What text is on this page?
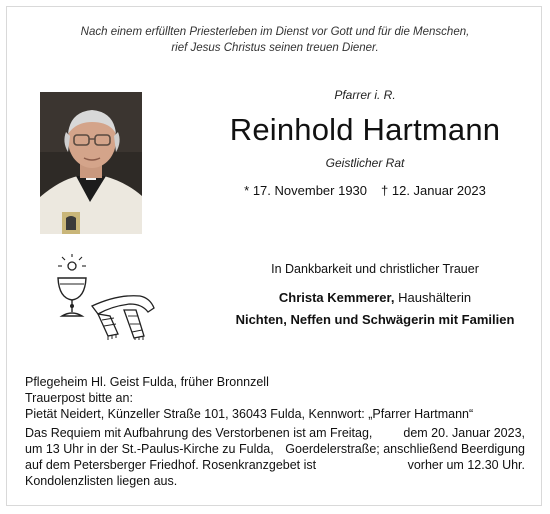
Nach einem erfüllten Priesterleben im Dienst vor Gott und für die Menschen,
rief Jesus Christus seinen treuen Diener.
Pfarrer i. R.
Reinhold Hartmann
Geistlicher Rat
* 17. November 1930 † 12. Januar 2023
In Dankbarkeit und christlicher Trauer
Christa Kemmerer, Haushälterin
Nichten, Neffen und Schwägerin mit Familien
Pflegeheim Hl. Geist Fulda, früher Bronnzell
Trauerpost bitte an:
Pietät Neidert, Künzeller Straße 101, 36043 Fulda, Kennwort: „Pfarrer Hartmann“
Das Requiem mit Aufbahrung des Verstorbenen ist am Freitag, dem 20. Januar 2023,
um 13 Uhr in der St.-Paulus-Kirche zu Fulda, Goerdelerstraße; anschließend Beerdigung
auf dem Petersberger Friedhof. Rosenkranzgebet ist	vorher um 12.30 Uhr.
Kondolenzlisten liegen aus.
